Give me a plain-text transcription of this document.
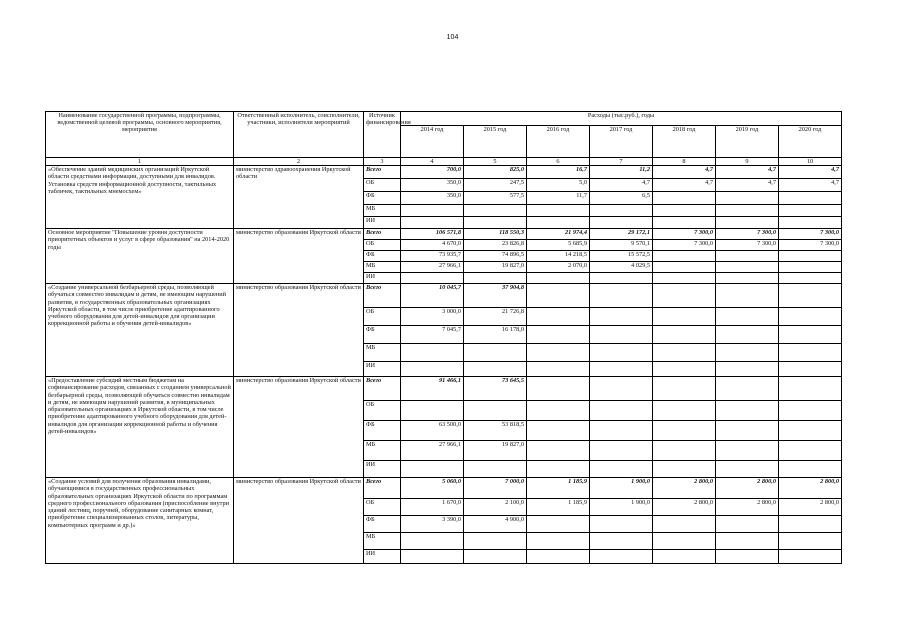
104
Наименование государственной программы, подпрограммы, ведомственной целевой программы, основного мероприятия, мероприятия	Ответственный исполнитель, соисполнители, участники, исполнители мероприятий	Источник финансирования	Расходы (тыс.руб.), годы						
			2014 год	2015 год	2016 год	2017 год	2018 год	2019 год	2020 год
1	2	3	4	5	6	7	8	9	10
«Обеспечение зданий медицинских организаций Иркутской области средствами информации, доступными для инвалидов. Установка средств информационной доступности, тактильных табличек, тактильных мнемосхем»	министерство здравоохранения Иркутской области	Всего	700,0	825,0	16,7	11,2	4,7	4,7	4,7
		ОБ	350,0	247,5	5,0	4,7	4,7	4,7	4,7
		ФБ	350,0	577,5	11,7	6,5			
		МБ							
		ИИ							
Основное мероприятие "Повышение уровня доступности приоритетных объектов и услуг в сфере образования" на 2014-2020 годы	министерство образования Иркутской области	Всего	106 571,8	118 550,3	21 974,4	29 172,1	7 300,0	7 300,0	7 300,0
		ОБ	4 670,0	23 826,8	5 685,9	9 570,1	7 300,0	7 300,0	7 300,0
		ФБ	73 935,7	74 896,5	14 218,5	15 572,5			
		МБ	27 966,1	19 827,0	2 070,0	4 029,5			
		ИИ							
«Создание универсальной безбарьерной среды, позволяющей обучаться совместно инвалидам и детям, не имеющим нарушений развития, в государственных образовательных организациях Иркутской области, в том числе приобретение адаптированного учебного оборудования для детей-инвалидов для организации коррекционной работы и обучения детей-инвалидов»	министерство образования Иркутской области	Всего	10 045,7	37 904,8					
		ОБ	3 000,0	21 726,8					
		ФБ	7 045,7	16 178,0					
		МБ							
		ИИ							
«Предоставление субсидий местным бюджетам на софинансирование расходов, связанных с созданием универсальной безбарьерной среды, позволяющей обучаться совместно инвалидам и детям, не имеющим нарушений развития, в муниципальных образовательных организациях в Иркутской области, в том числе приобретение адаптированного учебного оборудования для детей-инвалидов для организации коррекционной работы и обучения детей-инвалидов»	министерство образования Иркутской области	Всего	91 466,1	73 645,5					
		ОБ							
		ФБ	63 500,0	53 818,5					
		МБ	27 966,1	19 827,0					
		ИИ							
«Создание условий для получения образования инвалидами, обучающимися в государственных профессиональных образовательных организациях Иркутской области по программам среднего профессионального образования (приспособление внутри зданий лестниц, поручней, оборудование санитарных комнат, приобретение специализированных столов, литературы, компьютерных программ и др.)»	министерство образования Иркутской области	Всего	5 060,0	7 000,0	1 185,9	1 900,0	2 800,0	2 800,0	2 800,0
		ОБ	1 670,0	2 100,0	1 185,9	1 900,0	2 800,0	2 800,0	2 800,0
		ФБ	3 390,0	4 900,0					
		МБ							
		ИИ							
